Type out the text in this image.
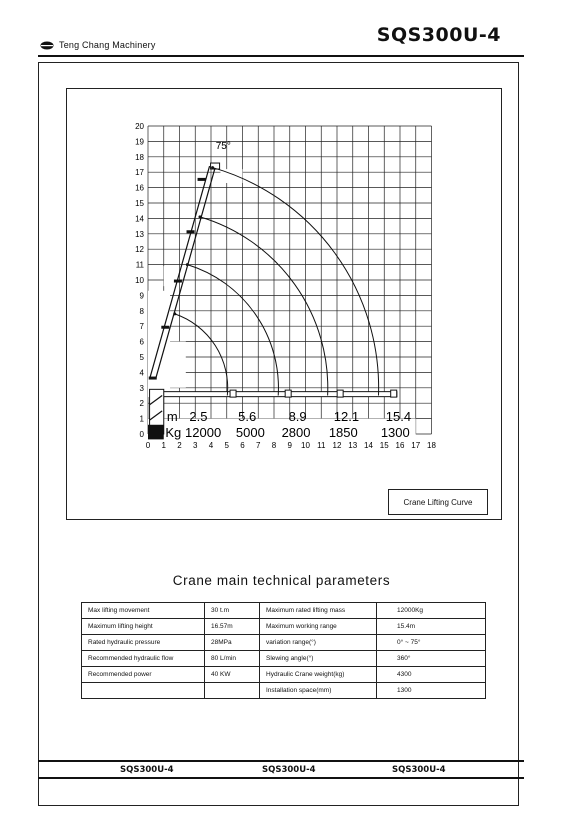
Teng Chang Machinery	SQS300U-4
0 1 2 3 4 5 6 7 8 9 10 11 12 13 14 15 16 17 18
0
1
2
3
4
5
6
7
8
9
10
11
12
13
14
15
16
17
18
19
20
75°
m
Kg
2.5 5.6 8.9 12.1 15.4
12000 5000 2800 1850 1300
Crane Lifting Curve
Crane main technical parameters
Max lifting movement	30 t.m	Maximum rated lifting mass	12000Kg
Maximum lifting height	16.57m	Maximum working range	15.4m
Rated hydraulic pressure	28MPa	variation range(°)	0° ~ 75°
Recommended hydraulic flow	80 L/min	Slewing angle(°)	360°
Recommended power	40 KW	Hydraulic Crane weight(kg)	4300
		Installation space(mm)	1300
SQS300U-4	SQS300U-4	SQS300U-4
